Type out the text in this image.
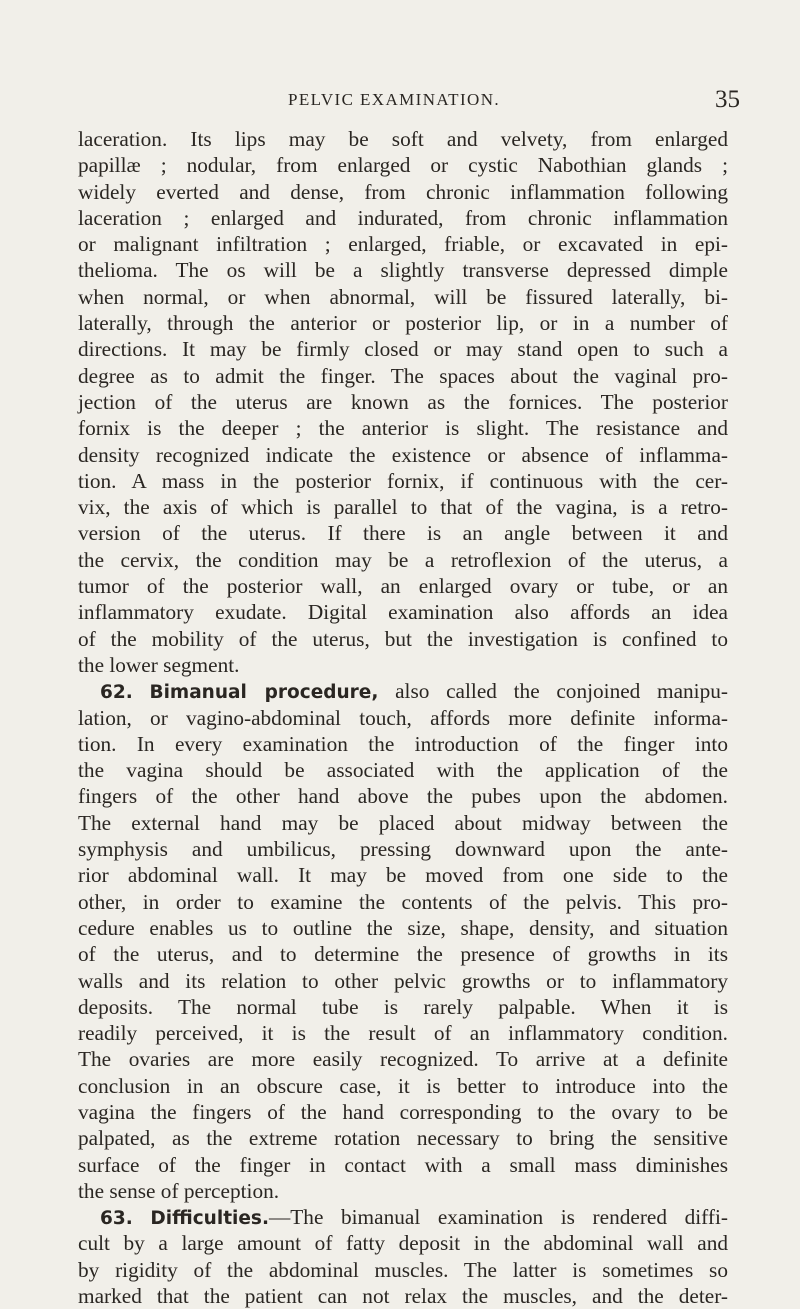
PELVIC EXAMINATION.	35
laceration. Its lips may be soft and velvety, from enlarged
papillæ ; nodular, from enlarged or cystic Nabothian glands ;
widely everted and dense, from chronic inflammation following
laceration ; enlarged and indurated, from chronic inflammation
or malignant infiltration ; enlarged, friable, or excavated in epi-
thelioma. The os will be a slightly transverse depressed dimple
when normal, or when abnormal, will be fissured laterally, bi-
laterally, through the anterior or posterior lip, or in a number of
directions. It may be firmly closed or may stand open to such a
degree as to admit the finger. The spaces about the vaginal pro-
jection of the uterus are known as the fornices. The posterior
fornix is the deeper ; the anterior is slight. The resistance and
density recognized indicate the existence or absence of inflamma-
tion. A mass in the posterior fornix, if continuous with the cer-
vix, the axis of which is parallel to that of the vagina, is a retro-
version of the uterus. If there is an angle between it and
the cervix, the condition may be a retroflexion of the uterus, a
tumor of the posterior wall, an enlarged ovary or tube, or an
inflammatory exudate. Digital examination also affords an idea
of the mobility of the uterus, but the investigation is confined to
the lower segment.
62. Bimanual procedure, also called the conjoined manipu-
lation, or vagino-abdominal touch, affords more definite informa-
tion. In every examination the introduction of the finger into
the vagina should be associated with the application of the
fingers of the other hand above the pubes upon the abdomen.
The external hand may be placed about midway between the
symphysis and umbilicus, pressing downward upon the ante-
rior abdominal wall. It may be moved from one side to the
other, in order to examine the contents of the pelvis. This pro-
cedure enables us to outline the size, shape, density, and situation
of the uterus, and to determine the presence of growths in its
walls and its relation to other pelvic growths or to inflammatory
deposits. The normal tube is rarely palpable. When it is
readily perceived, it is the result of an inflammatory condition.
The ovaries are more easily recognized. To arrive at a definite
conclusion in an obscure case, it is better to introduce into the
vagina the fingers of the hand corresponding to the ovary to be
palpated, as the extreme rotation necessary to bring the sensitive
surface of the finger in contact with a small mass diminishes
the sense of perception.
63. Difficulties.—The bimanual examination is rendered diffi-
cult by a large amount of fatty deposit in the abdominal wall and
by rigidity of the abdominal muscles. The latter is sometimes so
marked that the patient can not relax the muscles, and the deter-
